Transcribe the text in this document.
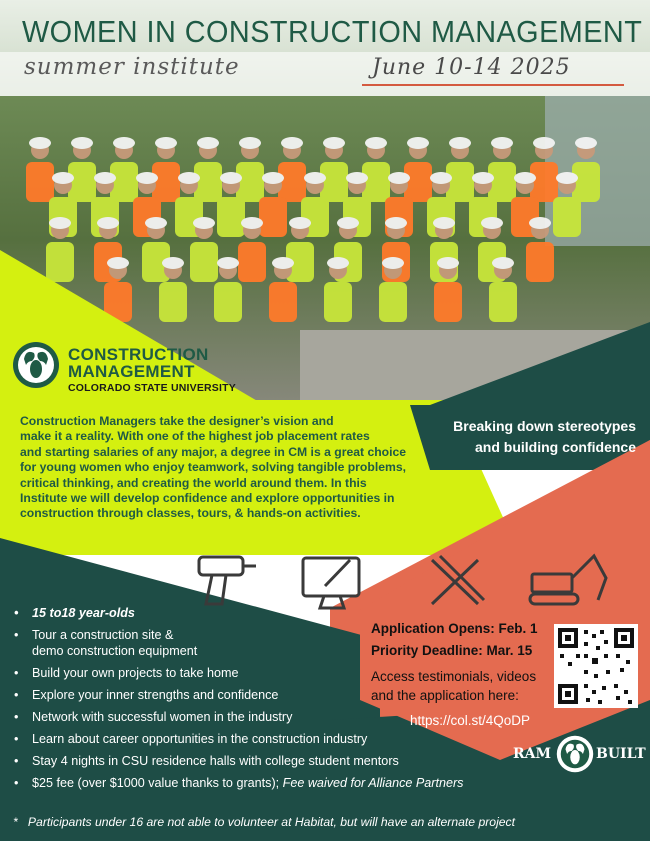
WOMEN IN CONSTRUCTION MANAGEMENT
summer institute	June 10-14 2025
CONSTRUCTION
MANAGEMENT
COLORADO STATE UNIVERSITY
Construction Managers take the designer’s vision and
make it a reality. With one of the highest job placement rates
and starting salaries of any major, a degree in CM is a great choice
for young women who enjoy teamwork, solving tangible problems,
critical thinking, and creating the world around them. In this
Institute we will develop confidence and explore opportunities in
construction through classes, tours, & hands-on activities.
Breaking down stereotypes
and building confidence
• 15 to18 year-olds
• Tour a construction site &
demo construction equipment
• Build your own projects to take home
• Explore your inner strengths and confidence
• Network with successful women in the industry
• Learn about career opportunities in the construction industry
• Stay 4 nights in CSU residence halls with college student mentors
• $25 fee (over $1000 value thanks to grants); Fee waived for Alliance Partners
* Participants under 16 are not able to volunteer at Habitat, but will have an alternate project
Application Opens: Feb. 1
Priority Deadline: Mar. 15
Access testimonials, videos
and the application here:
https://col.st/4QoDP
RAM	BUILT
